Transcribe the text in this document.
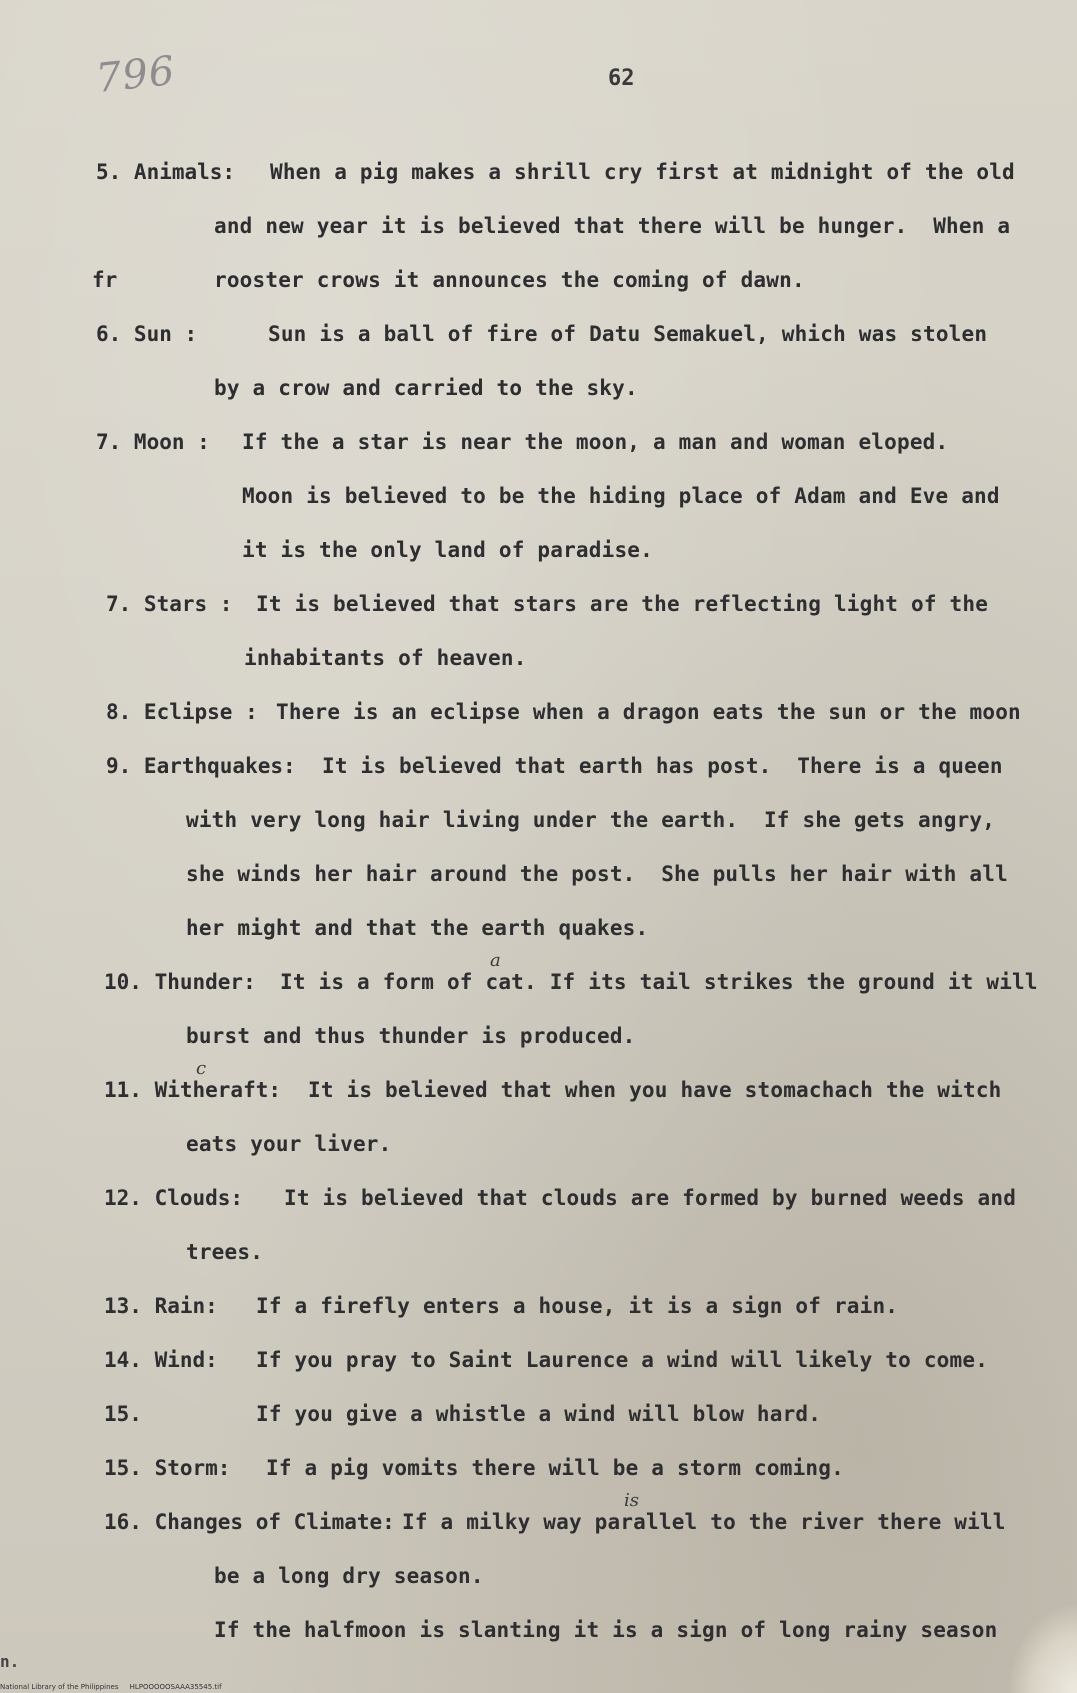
796	62
5. Animals: When a pig makes a shrill cry first at midnight of the old
and new year it is believed that there will be hunger.  When a
fr	rooster crows it announces the coming of dawn.
6. Sun :	Sun is a ball of fire of Datu Semakuel, which was stolen
by a crow and carried to the sky.
7. Moon : If the a star is near the moon, a man and woman eloped.
Moon is believed to be the hiding place of Adam and Eve and
it is the only land of paradise.
7. Stars : It is believed that stars are the reflecting light of the
inhabitants of heaven.
8. Eclipse : There is an eclipse when a dragon eats the sun or the moon
9. Earthquakes: It is believed that earth has post.  There is a queen
with very long hair living under the earth.  If she gets angry,
she winds her hair around the post.  She pulls her hair with all
her might and that the earth quakes.
10. Thunder: It is a form of cat. If its tail strikes the ground it will
a
burst and thus thunder is produced.
11. Witheraft: It is believed that when you have stomachach the witch
c
eats your liver.
12. Clouds: It is believed that clouds are formed by burned weeds and
trees.
13. Rain: If a firefly enters a house, it is a sign of rain.
14. Wind: If you pray to Saint Laurence a wind will likely to come.
15.	If you give a whistle a wind will blow hard.
15. Storm: If a pig vomits there will be a storm coming.
16. Changes of Climate: If a milky way parallel to the river there will
is
be a long dry season.
If the halfmoon is slanting it is a sign of long rainy season
n.
National Library of the Philippines     HLPOOOOOSAAA35545.tif
